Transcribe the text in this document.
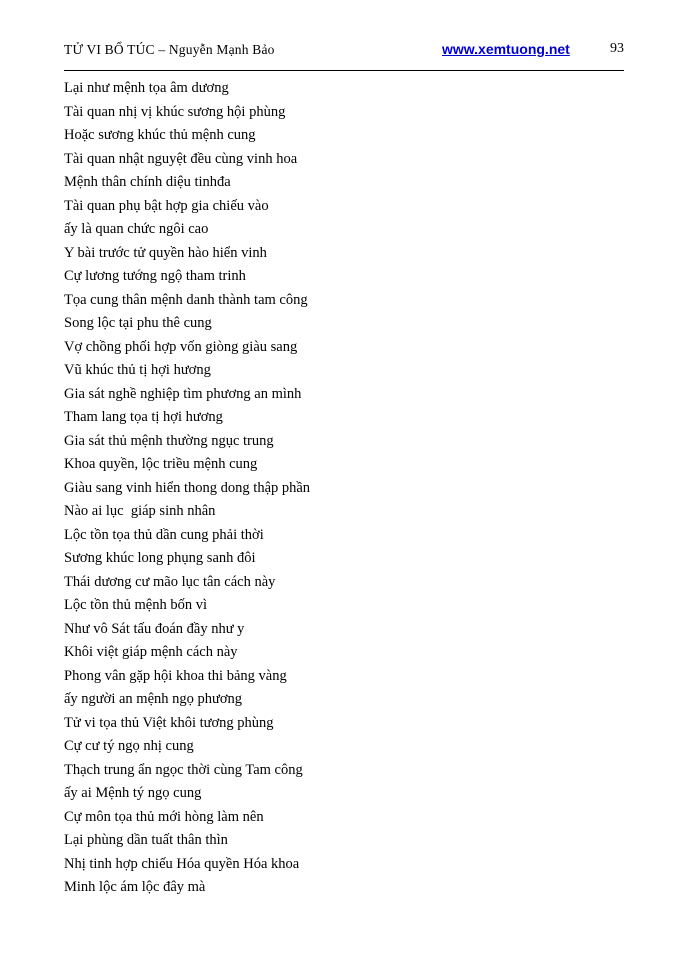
TỬ VI BỔ TÚC – Nguyễn Mạnh Bảo	www.xemtuong.net	93
Lại như mệnh tọa âm dương
Tài quan nhị vị khúc sương hội phùng
Hoặc sương khúc thủ mệnh cung
Tài quan nhật nguyệt đều cùng vinh hoa
Mệnh thân chính diệu tinhđa
Tài quan phụ bật hợp gia chiếu vào
ấy là quan chức ngôi cao
Y bài trước tử quyền hào hiển vinh
Cự lương tướng ngộ tham trinh
Tọa cung thân mệnh danh thành tam công
Song lộc tại phu thê cung
Vợ chồng phối hợp vốn giòng giàu sang
Vũ khúc thủ tị hợi hương
Gia sát nghề nghiệp tìm phương an mình
Tham lang tọa tị hợi hương
Gia sát thủ mệnh thường ngục trung
Khoa quyền, lộc triều mệnh cung
Giàu sang vinh hiển thong dong thập phần
Nào ai lục  giáp sinh nhân
Lộc tồn tọa thủ dần cung phải thời
Sương khúc long phụng sanh đôi
Thái dương cư mão lục tân cách này
Lộc tồn thủ mệnh bốn vì
Như vô Sát tấu đoán đầy như y
Khôi việt giáp mệnh cách này
Phong vân gặp hội khoa thi bảng vàng
ấy người an mệnh ngọ phương
Tử vi tọa thủ Việt khôi tương phùng
Cự cư tý ngọ nhị cung
Thạch trung ẩn ngọc thời cùng Tam công
ấy ai Mệnh tý ngọ cung
Cự môn tọa thủ mới hòng làm nên
Lại phùng dần tuất thân thìn
Nhị tinh hợp chiếu Hóa quyền Hóa khoa
Minh lộc ám lộc đây mà
